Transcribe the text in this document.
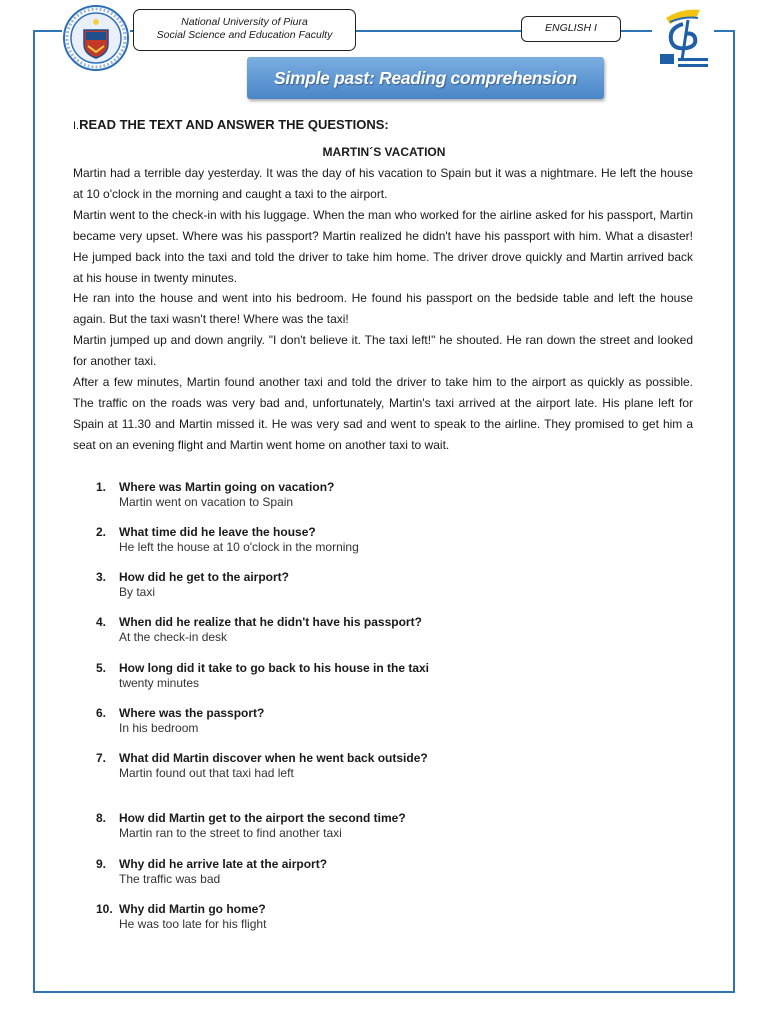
National University of Piura
Social Science and Education Faculty
ENGLISH I
Simple past: Reading comprehension
I.READ THE TEXT AND ANSWER THE QUESTIONS:
MARTIN´S VACATION

Martin had a terrible day yesterday. It was the day of his vacation to Spain but it was a nightmare. He left the house at 10 o'clock in the morning and caught a taxi to the airport.

Martin went to the check-in with his luggage. When the man who worked for the airline asked for his passport, Martin became very upset. Where was his passport? Martin realized he didn't have his passport with him. What a disaster! He jumped back into the taxi and told the driver to take him home. The driver drove quickly and Martin arrived back at his house in twenty minutes.

He ran into the house and went into his bedroom. He found his passport on the bedside table and left the house again. But the taxi wasn't there! Where was the taxi!

Martin jumped up and down angrily. "I don't believe it. The taxi left!" he shouted. He ran down the street and looked for another taxi.

After a few minutes, Martin found another taxi and told the driver to take him to the airport as quickly as possible. The traffic on the roads was very bad and, unfortunately, Martin's taxi arrived at the airport late. His plane left for Spain at 11.30 and Martin missed it. He was very sad and went to speak to the airline. They promised to get him a seat on an evening flight and Martin went home on another taxi to wait.

1. Where was Martin going on vacation?
Martin went on vacation to Spain
2. What time did he leave the house?
He left the house at 10 o'clock in the morning
3. How did he get to the airport?
By taxi
4. When did he realize that he didn't have his passport?
At the check-in desk
5. How long did it take to go back to his house in the taxi
twenty minutes
6. Where was the passport?
In his bedroom
7. What did Martin discover when he went back outside?
Martin found out that taxi had left
8. How did Martin get to the airport the second time?
Martin ran to the street to find another taxi
9. Why did he arrive late at the airport?
The traffic was bad
10. Why did Martin go home?
He was too late for his flight
